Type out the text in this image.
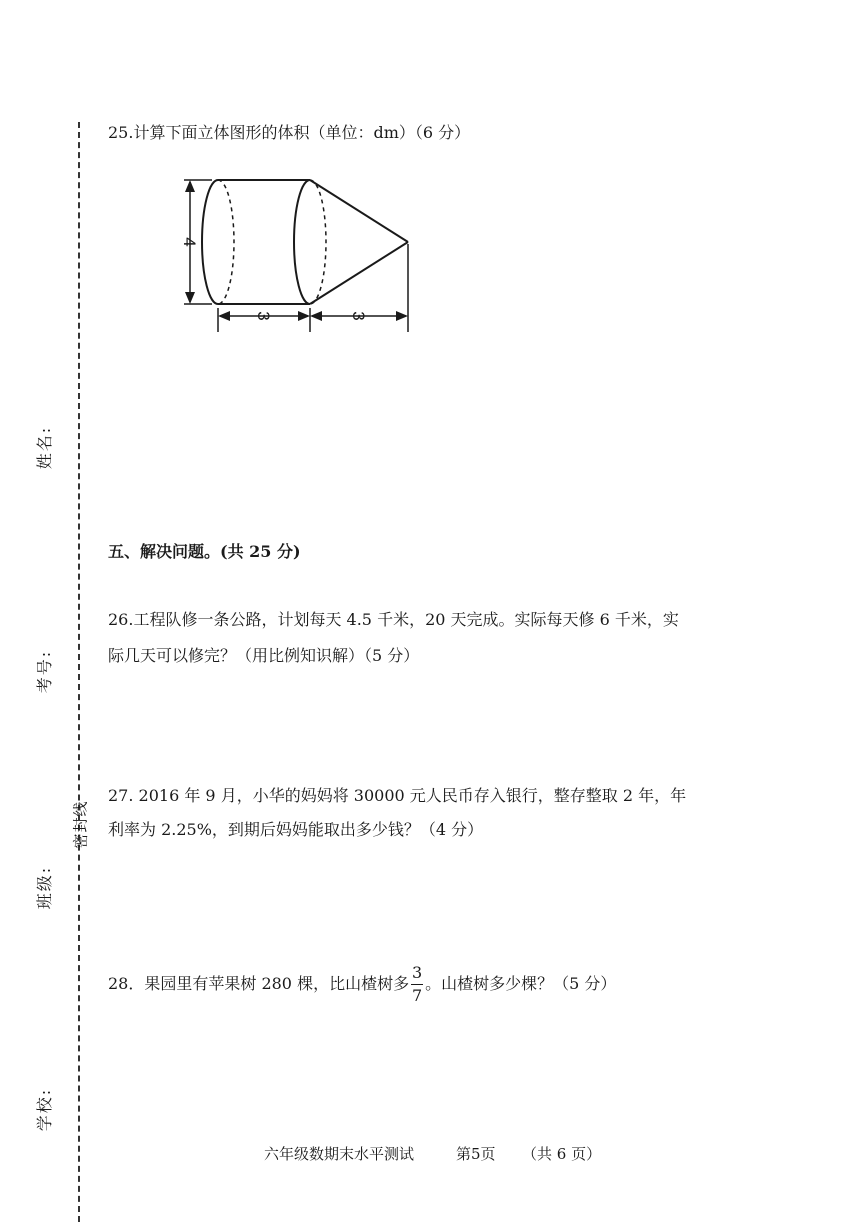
姓名:
考号:
班级:
学校:
密封线
25.计算下面立体图形的体积（单位：dm）（6 分）
4
3	3
五、解决问题。(共 25 分)
26.工程队修一条公路，计划每天 4.5 千米，20 天完成。实际每天修 6 千米，实
际几天可以修完？（用比例知识解）（5 分）
27. 2016 年 9 月，小华的妈妈将 30000 元人民币存入银行，整存整取 2 年，年
利率为 2.25%，到期后妈妈能取出多少钱？（4 分）
28．果园里有苹果树 280 棵，比山楂树多 $\frac{3}{7}$ 。山楂树多少棵？（5 分）
六年级数期末水平测试	第5页 （共 6 页）
